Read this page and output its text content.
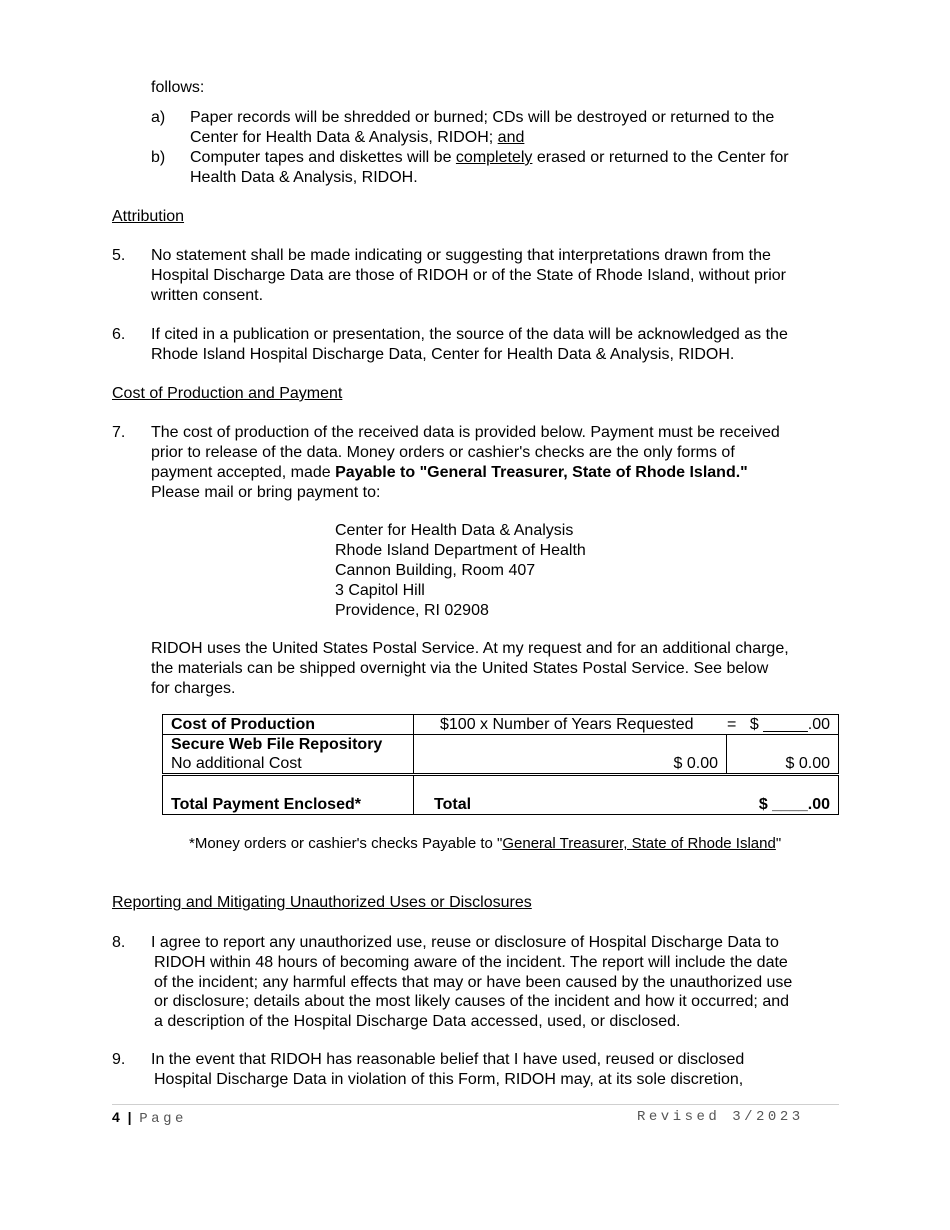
follows:
a) Paper records will be shredded or burned; CDs will be destroyed or returned to the
Center for Health Data & Analysis, RIDOH; and
b) Computer tapes and diskettes will be completely erased or returned to the Center for
Health Data & Analysis, RIDOH.
Attribution
5. No statement shall be made indicating or suggesting that interpretations drawn from the
Hospital Discharge Data are those of RIDOH or of the State of Rhode Island, without prior
written consent.
6. If cited in a publication or presentation, the source of the data will be acknowledged as the
Rhode Island Hospital Discharge Data, Center for Health Data & Analysis, RIDOH.
Cost of Production and Payment
7. The cost of production of the received data is provided below. Payment must be received
prior to release of the data. Money orders or cashier's checks are the only forms of
payment accepted, made Payable to "General Treasurer, State of Rhode Island."
Please mail or bring payment to:
Center for Health Data & Analysis
Rhode Island Department of Health
Cannon Building, Room 407
3 Capitol Hill
Providence, RI 02908
RIDOH uses the United States Postal Service. At my request and for an additional charge,
the materials can be shipped overnight via the United States Postal Service. See below
for charges.
Cost of Production	$100 x Number of Years Requested = $ _____.00	

Secure Web File Repository
No additional Cost	$ 0.00	$ 0.00
Total Payment Enclosed*	Total $ ____.00	

*Money orders or cashier's checks Payable to "General Treasurer, State of Rhode Island"
Reporting and Mitigating Unauthorized Uses or Disclosures
8. I agree to report any unauthorized use, reuse or disclosure of Hospital Discharge Data to
RIDOH within 48 hours of becoming aware of the incident. The report will include the date
of the incident; any harmful effects that may or have been caused by the unauthorized use
or disclosure; details about the most likely causes of the incident and how it occurred; and
a description of the Hospital Discharge Data accessed, used, or disclosed.
9. In the event that RIDOH has reasonable belief that I have used, reused or disclosed
Hospital Discharge Data in violation of this Form, RIDOH may, at its sole discretion,
4 | Page	Revised 3/2023
